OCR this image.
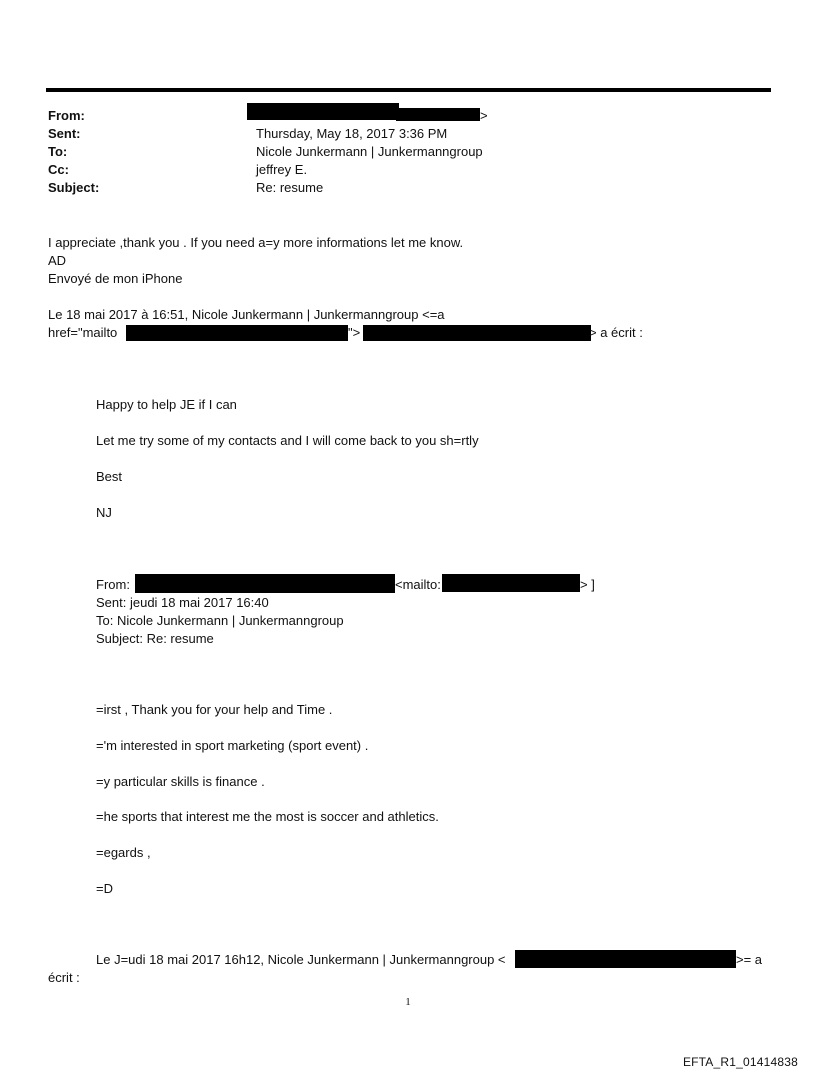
From:	>
Sent:	Thursday, May 18, 2017 3:36 PM
To:	Nicole Junkermann | Junkermanngroup
Cc:	jeffrey E.
Subject:	Re: resume
I appreciate ,thank you . If you need a=y more informations let me know.
AD
Envoyé de mon iPhone
Le 18 mai 2017 à 16:51, Nicole Junkermann | Junkermanngroup <=a
href="mailto	">	> a écrit :
Happy to help JE if I can
Let me try some of my contacts and I will come back to you sh=rtly
Best
NJ
From:	<mailto:	> ]
Sent: jeudi 18 mai 2017 16:40
To: Nicole Junkermann | Junkermanngroup
Subject: Re: resume
=irst , Thank you for your help and Time .
='m interested in sport marketing (sport event) .
=y particular skills is finance .
=he sports that interest me the most is soccer and athletics.
=egards ,
=D
Le J=udi 18 mai 2017 16h12, Nicole Junkermann | Junkermanngroup <	>= a
écrit :
1
EFTA_R1_01414838
